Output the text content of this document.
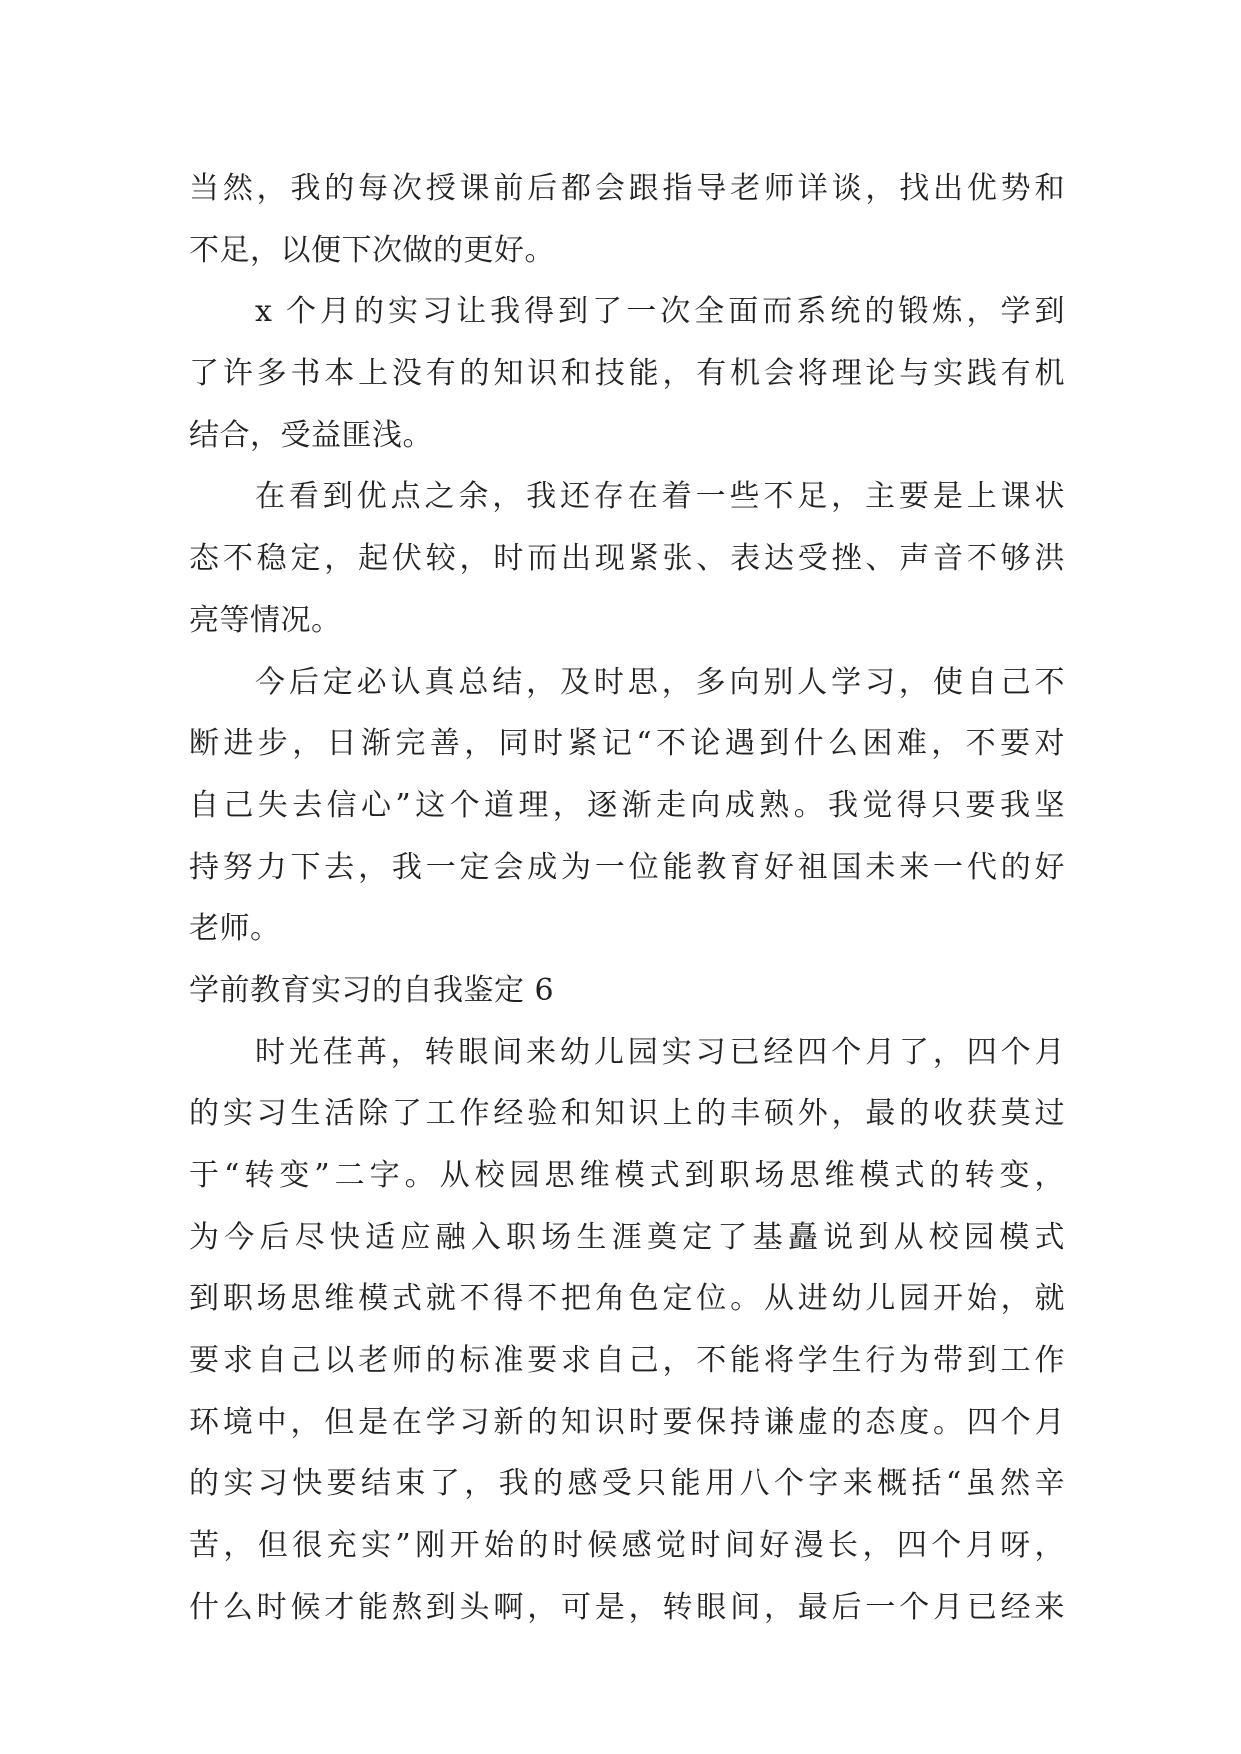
当然，我的每次授课前后都会跟指导老师详谈，找出优势和
不足，以便下次做的更好。
x 个月的实习让我得到了一次全面而系统的锻炼，学到
了许多书本上没有的知识和技能，有机会将理论与实践有机
结合，受益匪浅。
在看到优点之余，我还存在着一些不足，主要是上课状
态不稳定，起伏较，时而出现紧张、表达受挫、声音不够洪
亮等情况。
今后定必认真总结，及时思，多向别人学习，使自己不
断进步，日渐完善，同时紧记“不论遇到什么困难，不要对
自己失去信心”这个道理，逐渐走向成熟。我觉得只要我坚
持努力下去，我一定会成为一位能教育好祖国未来一代的好
老师。
学前教育实习的自我鉴定 6
时光荏苒，转眼间来幼儿园实习已经四个月了，四个月
的实习生活除了工作经验和知识上的丰硕外，最的收获莫过
于“转变”二字。从校园思维模式到职场思维模式的转变，
为今后尽快适应融入职场生涯奠定了基矗说到从校园模式
到职场思维模式就不得不把角色定位。从进幼儿园开始，就
要求自己以老师的标准要求自己，不能将学生行为带到工作
环境中，但是在学习新的知识时要保持谦虚的态度。四个月
的实习快要结束了，我的感受只能用八个字来概括“虽然辛
苦，但很充实”刚开始的时候感觉时间好漫长，四个月呀，
什么时候才能熬到头啊，可是，转眼间，最后一个月已经来
